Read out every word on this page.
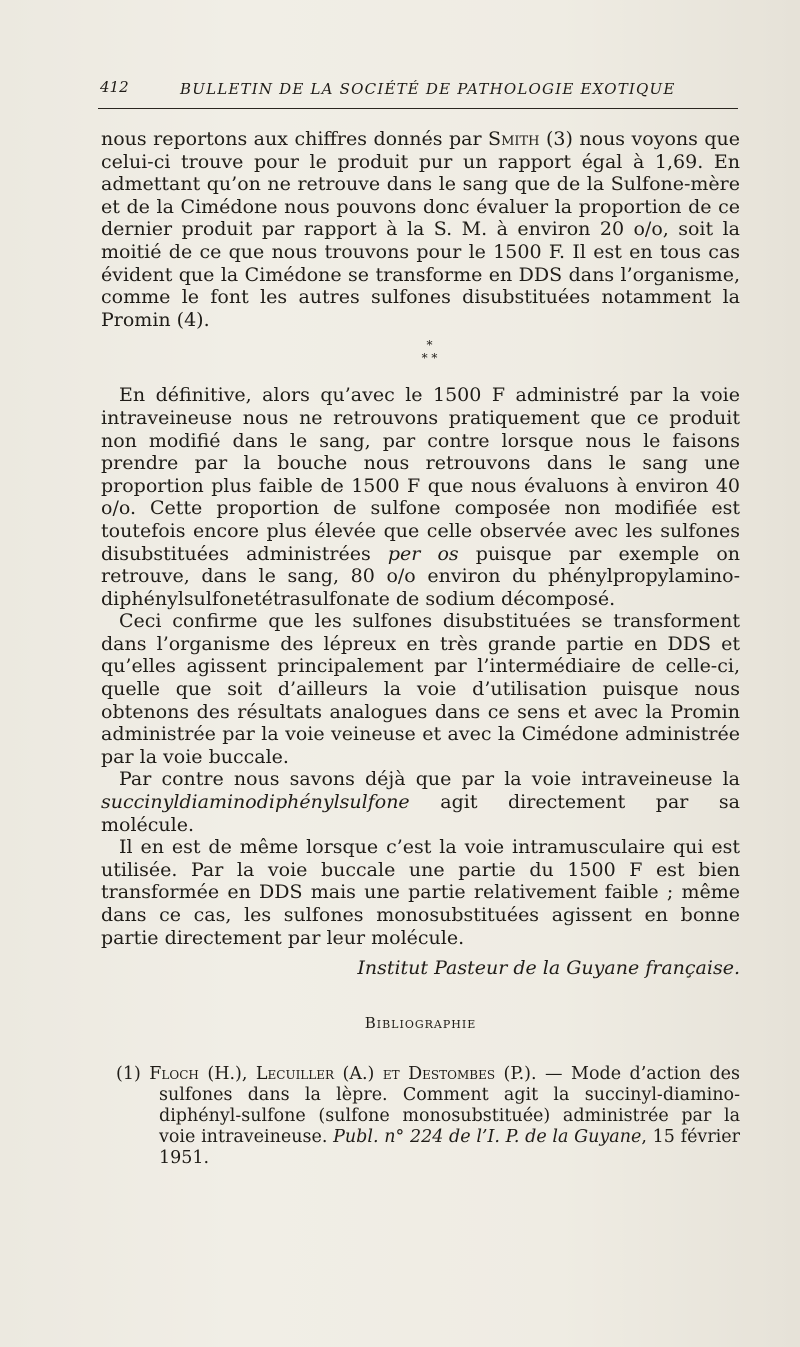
412	BULLETIN DE LA SOCIÉTÉ DE PATHOLOGIE EXOTIQUE

nous reportons aux chiffres donnés par Smith (3) nous voyons que celui-ci trouve pour le produit pur un rapport égal à 1,69. En admettant qu’on ne retrouve dans le sang que de la Sulfone-mère et de la Cimédone nous pouvons donc évaluer la proportion de ce dernier produit par rapport à la S. M. à environ 20 o/o, soit la moitié de ce que nous trouvons pour le 1500 F. Il est en tous cas évident que la Cimédone se transforme en DDS dans l’organisme, comme le font les autres sulfones disubstituées notamment la Promin (4).

*
* *

En définitive, alors qu’avec le 1500 F administré par la voie intraveineuse nous ne retrouvons pratiquement que ce produit non modifié dans le sang, par contre lorsque nous le faisons prendre par la bouche nous retrouvons dans le sang une proportion plus faible de 1500 F que nous évaluons à environ 40 o/o. Cette proportion de sulfone composée non modifiée est toutefois encore plus élevée que celle observée avec les sulfones disubstituées administrées per os puisque par exemple on retrouve, dans le sang, 80 o/o environ du phénylpropylamino-diphénylsulfonetétrasulfonate de sodium décomposé.

Ceci confirme que les sulfones disubstituées se transforment dans l’organisme des lépreux en très grande partie en DDS et qu’elles agissent principalement par l’intermédiaire de celle-ci, quelle que soit d’ailleurs la voie d’utilisation puisque nous obtenons des résultats analogues dans ce sens et avec la Promin administrée par la voie veineuse et avec la Cimédone administrée par la voie buccale.

Par contre nous savons déjà que par la voie intraveineuse la succinyldiaminodiphénylsulfone agit directement par sa molécule.

Il en est de même lorsque c’est la voie intramusculaire qui est utilisée. Par la voie buccale une partie du 1500 F est bien transformée en DDS mais une partie relativement faible ; même dans ce cas, les sulfones monosubstituées agissent en bonne partie directement par leur molécule.

Institut Pasteur de la Guyane française.

Bibliographie

(1) Floch (H.), Lecuiller (A.) et Destombes (P.). — Mode d’action des sulfones dans la lèpre. Comment agit la succinyl-diamino-diphényl-sulfone (sulfone monosubstituée) administrée par la voie intraveineuse. Publ. n° 224 de l’I. P. de la Guyane, 15 février 1951.
